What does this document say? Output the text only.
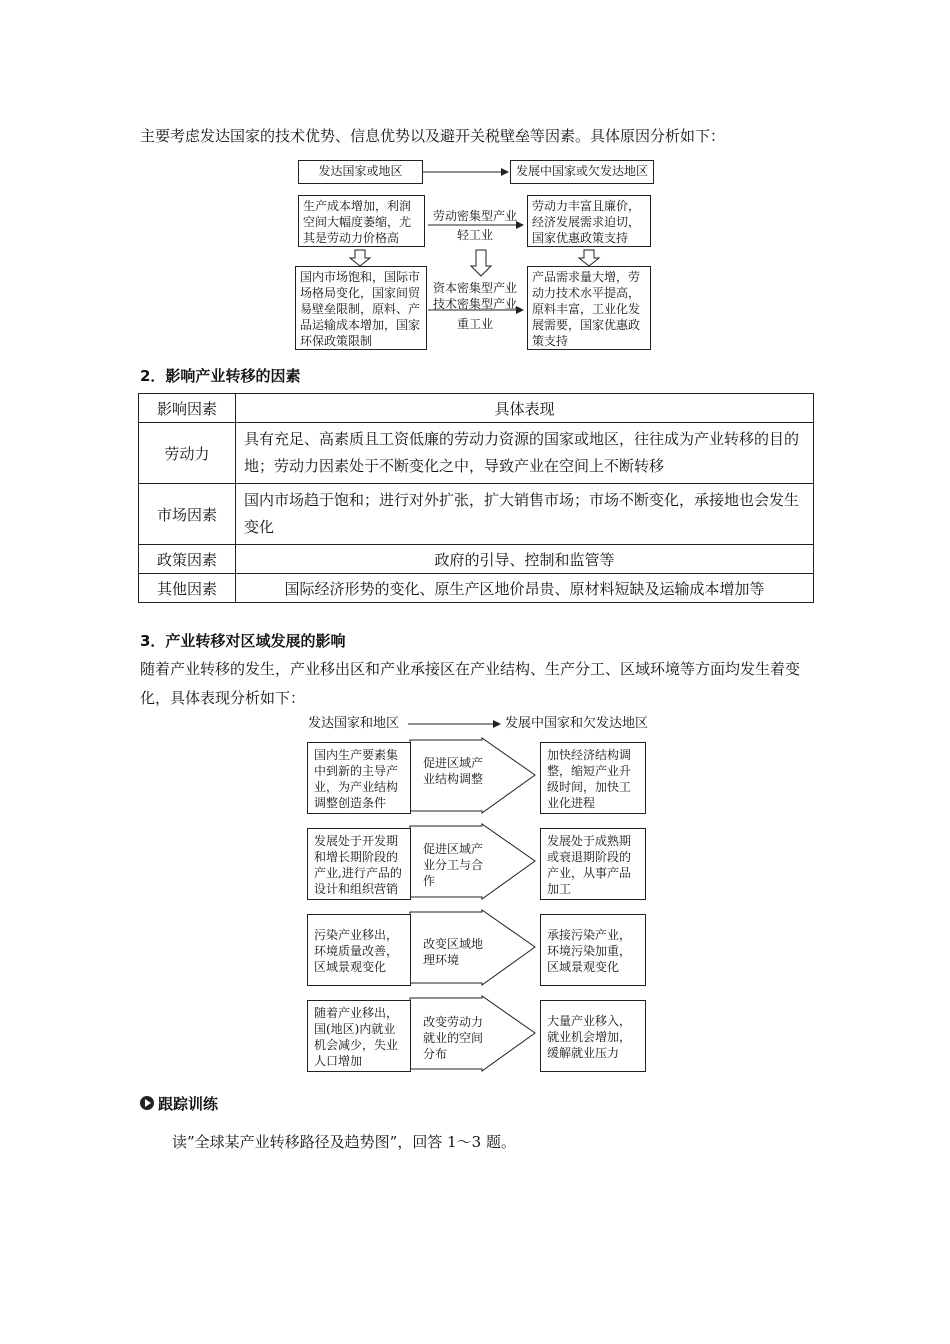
主要考虑发达国家的技术优势、信息优势以及避开关税壁垒等因素。具体原因分析如下：
发达国家或地区	发展中国家或欠发达地区
生产成本增加，利润空间大幅度萎缩，尤其是劳动力价格高
劳动密集型产业
轻工业
劳动力丰富且廉价，经济发展需求迫切，国家优惠政策支持
国内市场饱和，国际市场格局变化，国家间贸易壁垒限制，原料、产品运输成本增加，国家环保政策限制
资本密集型产业
技术密集型产业
重工业
产品需求量大增，劳动力技术水平提高，原料丰富，工业化发展需要，国家优惠政策支持
2．影响产业转移的因素
影响因素	具体表现
劳动力	具有充足、高素质且工资低廉的劳动力资源的国家或地区，往往成为产业转移的目的地；劳动力因素处于不断变化之中，导致产业在空间上不断转移
市场因素	国内市场趋于饱和；进行对外扩张，扩大销售市场；市场不断变化，承接地也会发生变化
政策因素	政府的引导、控制和监管等
其他因素	国际经济形势的变化、原生产区地价昂贵、原材料短缺及运输成本增加等
3．产业转移对区域发展的影响
随着产业转移的发生，产业移出区和产业承接区在产业结构、生产分工、区域环境等方面均发生着变化，具体表现分析如下：
发达国家和地区	发展中国家和欠发达地区
国内生产要素集中到新的主导产业，为产业结构调整创造条件
促进区域产业结构调整
加快经济结构调整，缩短产业升级时间，加快工业化进程
发展处于开发期和增长期阶段的产业,进行产品的设计和组织营销
促进区域产业分工与合作
发展处于成熟期或衰退期阶段的产业，从事产品加工
污染产业移出，环境质量改善，区域景观变化
改变区域地理环境
承接污染产业，环境污染加重，区域景观变化
随着产业移出，国(地区)内就业机会减少，失业人口增加
改变劳动力就业的空间分布
大量产业移入，就业机会增加，缓解就业压力
跟踪训练
读”全球某产业转移路径及趋势图”，回答 1～3 题。
